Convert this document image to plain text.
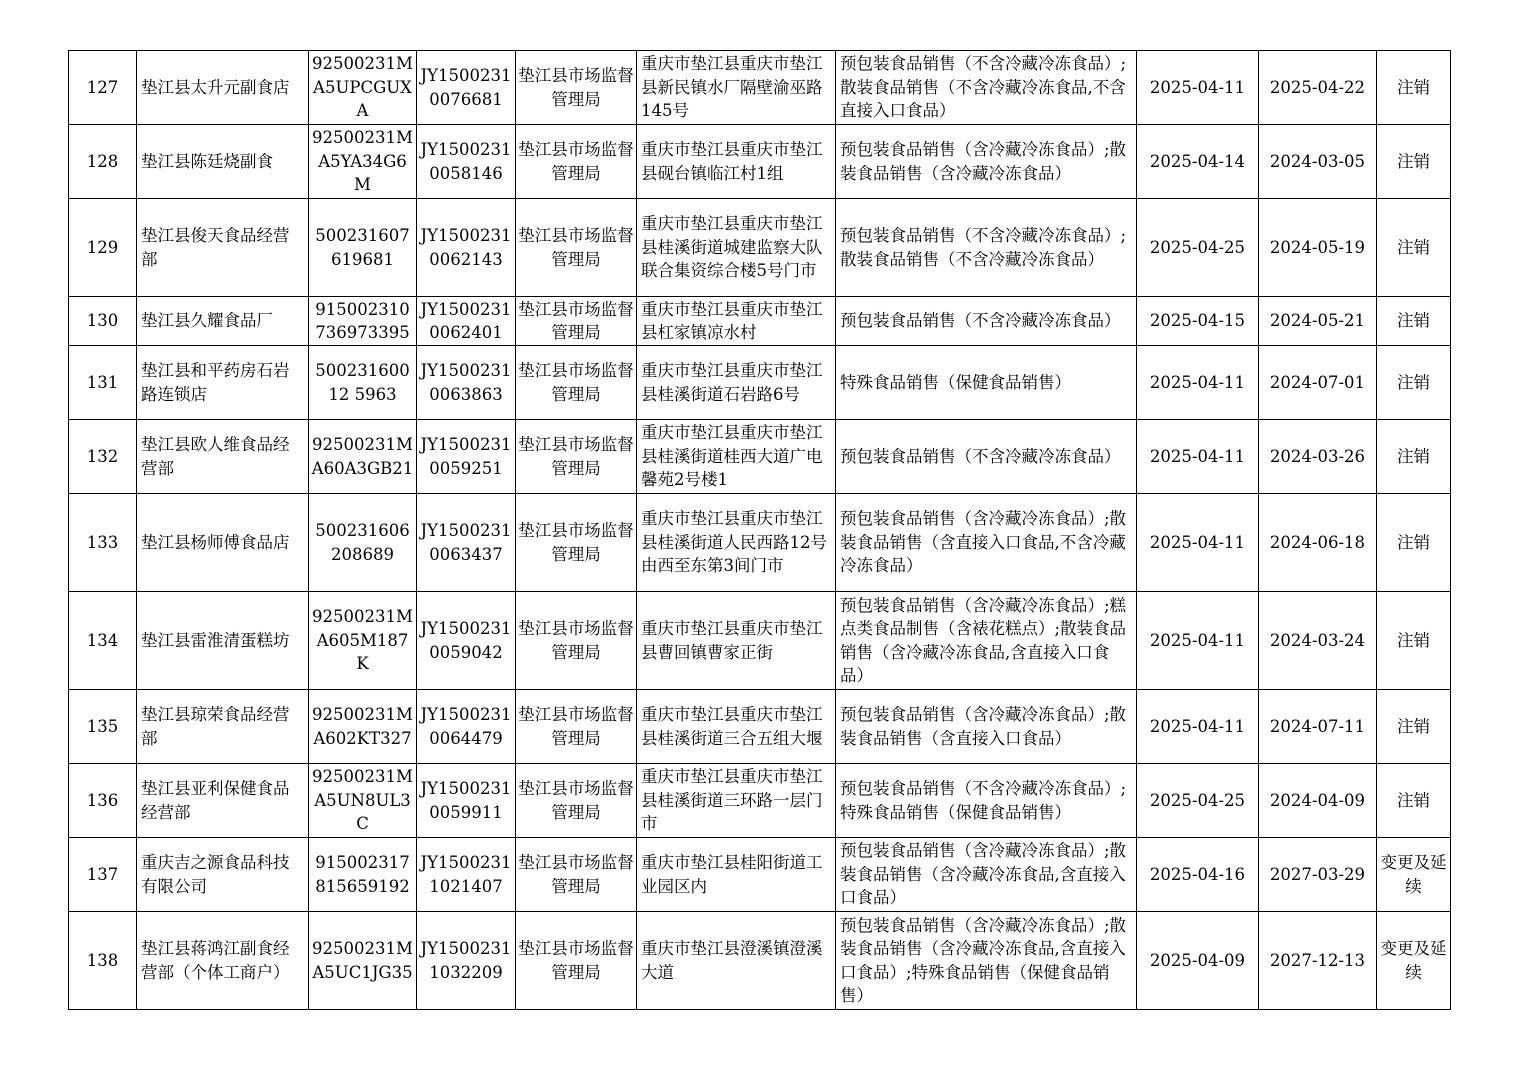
127	垫江县太升元副食店	92500231MA5UPCGUXA	JY15002310076681	垫江县市场监督管理局	重庆市垫江县重庆市垫江县新民镇水厂隔壁渝巫路145号	预包装食品销售（不含冷藏冷冻食品）;散装食品销售（不含冷藏冷冻食品,不含直接入口食品）	2025-04-11	2025-04-22	注销
128	垫江县陈廷烧副食	92500231MA5YA34G6M	JY15002310058146	垫江县市场监督管理局	重庆市垫江县重庆市垫江县砚台镇临江村1组	预包装食品销售（含冷藏冷冻食品）;散装食品销售（含冷藏冷冻食品）	2025-04-14	2024-03-05	注销
129	垫江县俊天食品经营部	500231607619681	JY15002310062143	垫江县市场监督管理局	重庆市垫江县重庆市垫江县桂溪街道城建监察大队联合集资综合楼5号门市	预包装食品销售（不含冷藏冷冻食品）;散装食品销售（不含冷藏冷冻食品）	2025-04-25	2024-05-19	注销
130	垫江县久耀食品厂	915002310736973395	JY15002310062401	垫江县市场监督管理局	重庆市垫江县重庆市垫江县杠家镇凉水村	预包装食品销售（不含冷藏冷冻食品）	2025-04-15	2024-05-21	注销
131	垫江县和平药房石岩路连锁店	50023160012 5963	JY15002310063863	垫江县市场监督管理局	重庆市垫江县重庆市垫江县桂溪街道石岩路6号	特殊食品销售（保健食品销售）	2025-04-11	2024-07-01	注销
132	垫江县欧人维食品经营部	92500231MA60A3GB21	JY15002310059251	垫江县市场监督管理局	重庆市垫江县重庆市垫江县桂溪街道桂西大道广电馨苑2号楼1	预包装食品销售（不含冷藏冷冻食品）	2025-04-11	2024-03-26	注销
133	垫江县杨师傅食品店	500231606208689	JY15002310063437	垫江县市场监督管理局	重庆市垫江县重庆市垫江县桂溪街道人民西路12号由西至东第3间门市	预包装食品销售（含冷藏冷冻食品）;散装食品销售（含直接入口食品,不含冷藏冷冻食品）	2025-04-11	2024-06-18	注销
134	垫江县雷淮清蛋糕坊	92500231MA605M187K	JY15002310059042	垫江县市场监督管理局	重庆市垫江县重庆市垫江县曹回镇曹家正街	预包装食品销售（含冷藏冷冻食品）;糕点类食品制售（含裱花糕点）;散装食品销售（含冷藏冷冻食品,含直接入口食品）	2025-04-11	2024-03-24	注销
135	垫江县琼荣食品经营部	92500231MA602KT327	JY15002310064479	垫江县市场监督管理局	重庆市垫江县重庆市垫江县桂溪街道三合五组大堰	预包装食品销售（含冷藏冷冻食品）;散装食品销售（含直接入口食品）	2025-04-11	2024-07-11	注销
136	垫江县亚利保健食品经营部	92500231MA5UN8UL3C	JY15002310059911	垫江县市场监督管理局	重庆市垫江县重庆市垫江县桂溪街道三环路一层门市	预包装食品销售（不含冷藏冷冻食品）;特殊食品销售（保健食品销售）	2025-04-25	2024-04-09	注销
137	重庆吉之源食品科技有限公司	915002317815659192	JY15002311021407	垫江县市场监督管理局	重庆市垫江县桂阳街道工业园区内	预包装食品销售（含冷藏冷冻食品）;散装食品销售（含冷藏冷冻食品,含直接入口食品）	2025-04-16	2027-03-29	变更及延续
138	垫江县蒋鸿江副食经营部（个体工商户）	92500231MA5UC1JG35	JY15002311032209	垫江县市场监督管理局	重庆市垫江县澄溪镇澄溪大道	预包装食品销售（含冷藏冷冻食品）;散装食品销售（含冷藏冷冻食品,含直接入口食品）;特殊食品销售（保健食品销售）	2025-04-09	2027-12-13	变更及延续
